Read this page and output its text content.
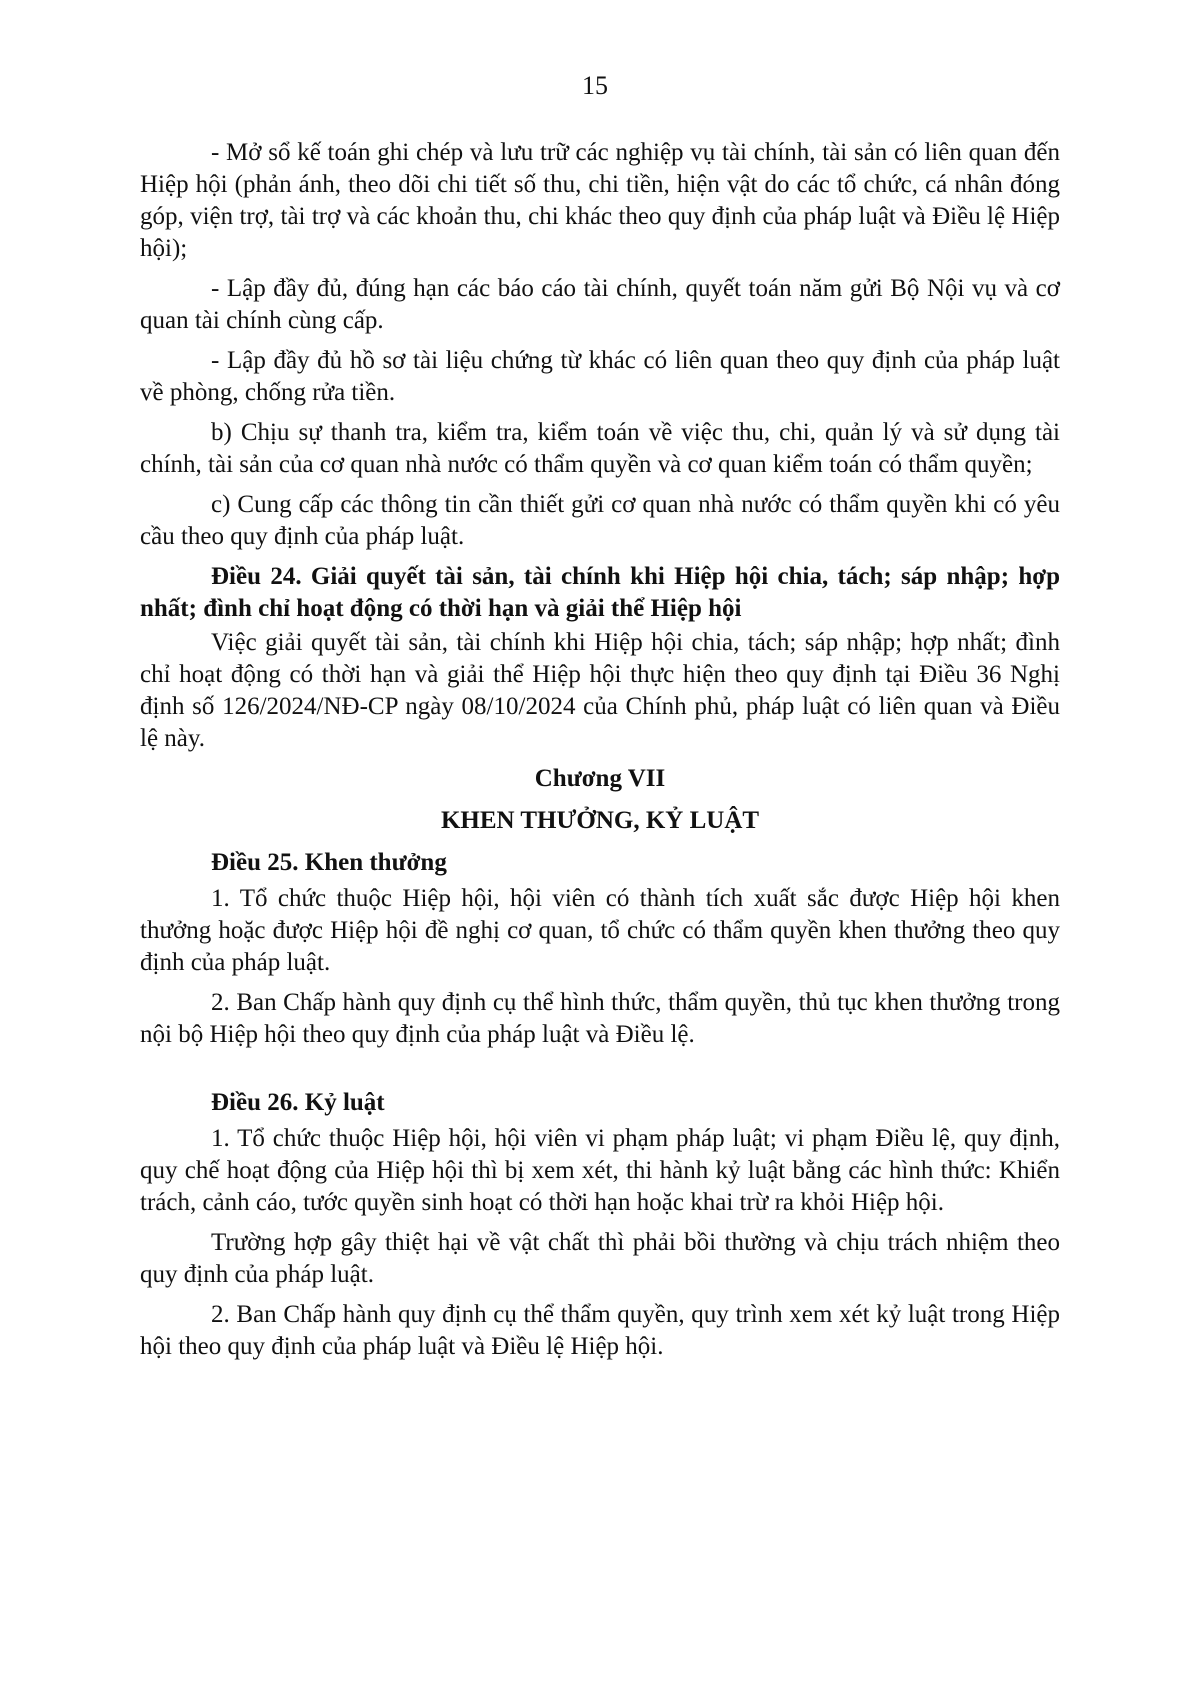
15

- Mở sổ kế toán ghi chép và lưu trữ các nghiệp vụ tài chính, tài sản có liên quan đến Hiệp hội (phản ánh, theo dõi chi tiết số thu, chi tiền, hiện vật do các tổ chức, cá nhân đóng góp, viện trợ, tài trợ và các khoản thu, chi khác theo quy định của pháp luật và Điều lệ Hiệp hội);

- Lập đầy đủ, đúng hạn các báo cáo tài chính, quyết toán năm gửi Bộ Nội vụ và cơ quan tài chính cùng cấp.

- Lập đầy đủ hồ sơ tài liệu chứng từ khác có liên quan theo quy định của pháp luật về phòng, chống rửa tiền.

b) Chịu sự thanh tra, kiểm tra, kiểm toán về việc thu, chi, quản lý và sử dụng tài chính, tài sản của cơ quan nhà nước có thẩm quyền và cơ quan kiểm toán có thẩm quyền;

c) Cung cấp các thông tin cần thiết gửi cơ quan nhà nước có thẩm quyền khi có yêu cầu theo quy định của pháp luật.

Điều 24. Giải quyết tài sản, tài chính khi Hiệp hội chia, tách; sáp nhập; hợp nhất; đình chỉ hoạt động có thời hạn và giải thể Hiệp hội

Việc giải quyết tài sản, tài chính khi Hiệp hội chia, tách; sáp nhập; hợp nhất; đình chỉ hoạt động có thời hạn và giải thể Hiệp hội thực hiện theo quy định tại Điều 36 Nghị định số 126/2024/NĐ-CP ngày 08/10/2024 của Chính phủ, pháp luật có liên quan và Điều lệ này.

Chương VII
KHEN THƯỞNG, KỶ LUẬT

Điều 25. Khen thưởng

1. Tổ chức thuộc Hiệp hội, hội viên có thành tích xuất sắc được Hiệp hội khen thưởng hoặc được Hiệp hội đề nghị cơ quan, tổ chức có thẩm quyền khen thưởng theo quy định của pháp luật.

2. Ban Chấp hành quy định cụ thể hình thức, thẩm quyền, thủ tục khen thưởng trong nội bộ Hiệp hội theo quy định của pháp luật và Điều lệ.

Điều 26. Kỷ luật

1. Tổ chức thuộc Hiệp hội, hội viên vi phạm pháp luật; vi phạm Điều lệ, quy định, quy chế hoạt động của Hiệp hội thì bị xem xét, thi hành kỷ luật bằng các hình thức: Khiển trách, cảnh cáo, tước quyền sinh hoạt có thời hạn hoặc khai trừ ra khỏi Hiệp hội.

Trường hợp gây thiệt hại về vật chất thì phải bồi thường và chịu trách nhiệm theo quy định của pháp luật.

2. Ban Chấp hành quy định cụ thể thẩm quyền, quy trình xem xét kỷ luật trong Hiệp hội theo quy định của pháp luật và Điều lệ Hiệp hội.
